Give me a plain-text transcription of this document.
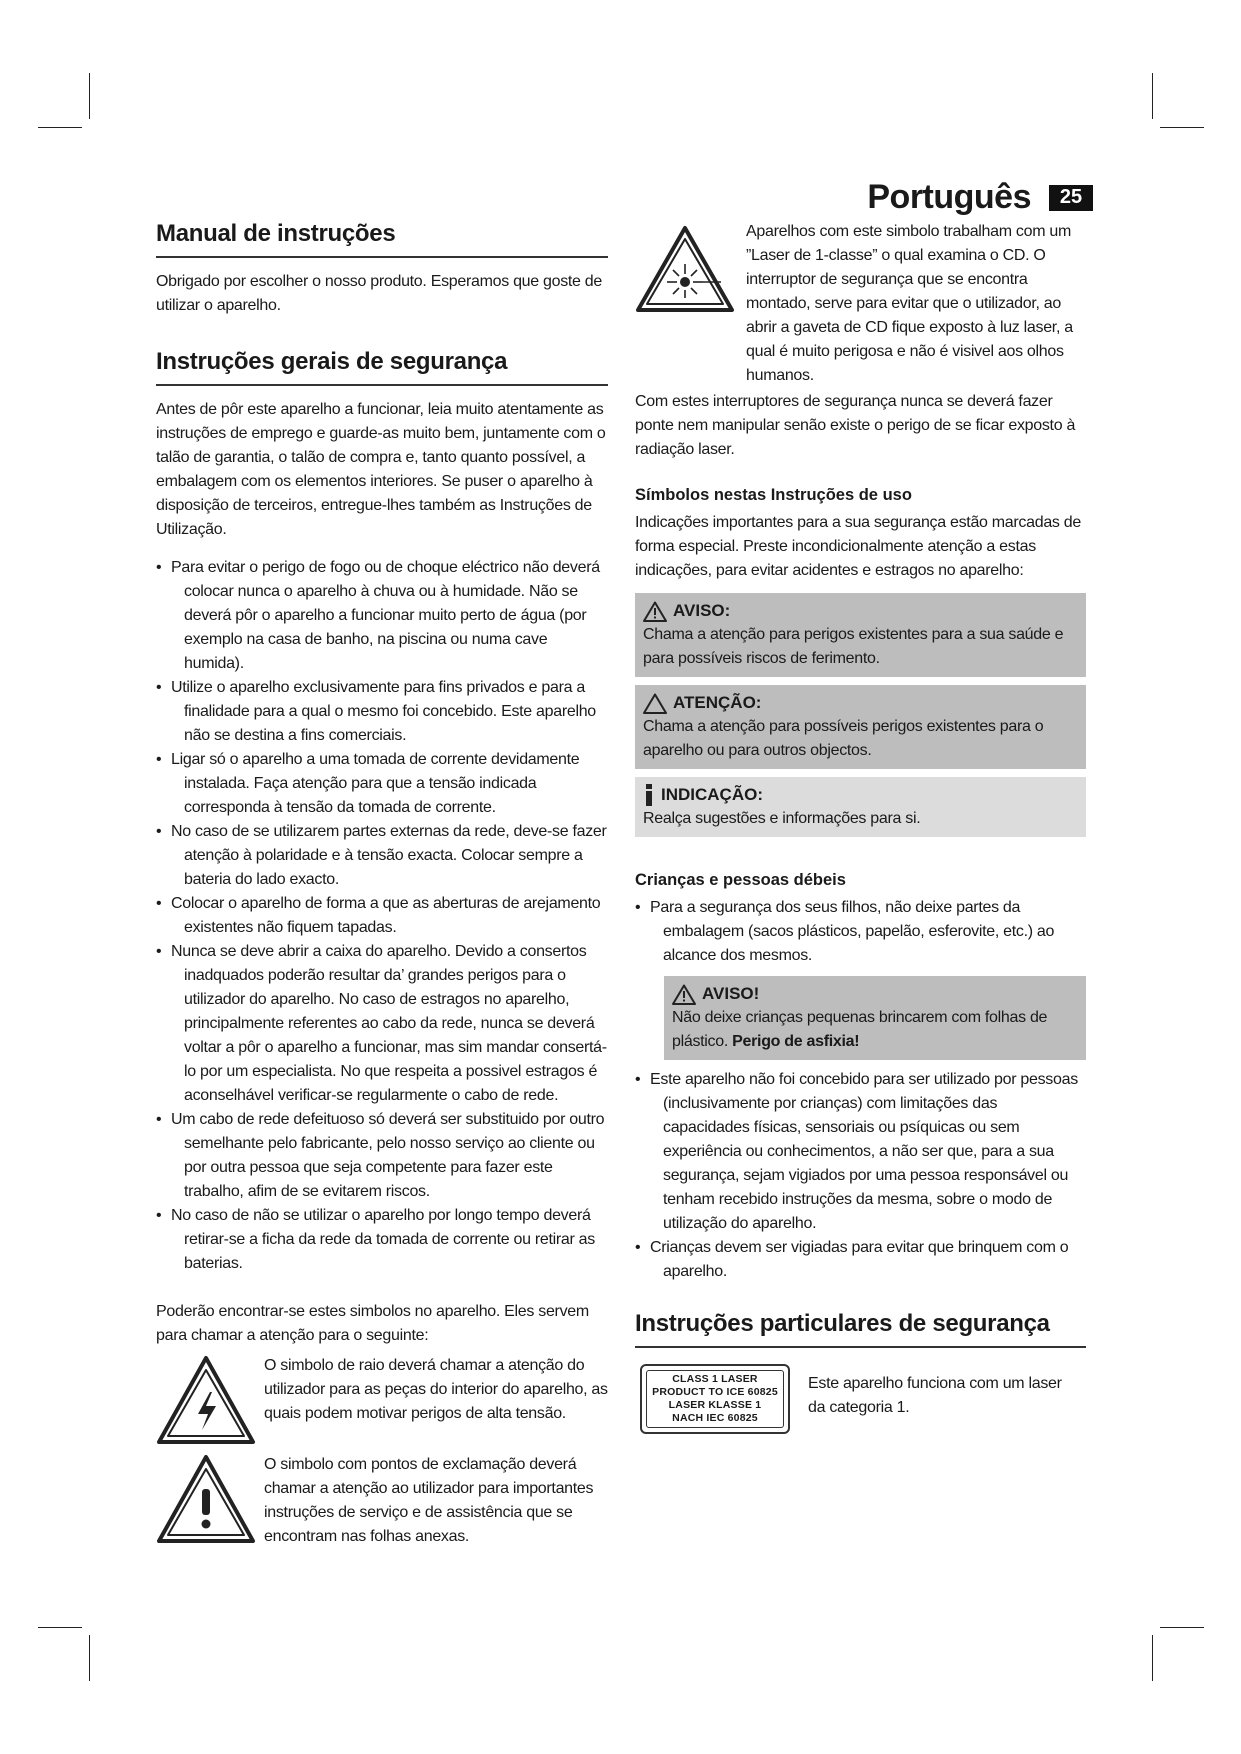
Português	25
Manual de instruções

Obrigado por escolher o nosso produto. Esperamos que goste de utilizar o aparelho.

Instruções gerais de segurança

Antes de pôr este aparelho a funcionar, leia muito atentamente as instruções de emprego e guarde-as muito bem, juntamente com o talão de garantia, o talão de compra e, tanto quanto possível, a embalagem com os elementos interiores. Se puser o aparelho à disposição de terceiros, entregue-lhes também as Instruções de Utilização.

• Para evitar o perigo de fogo ou de choque eléctrico não deverá colocar nunca o aparelho à chuva ou à humidade. Não se deverá pôr o aparelho a funcionar muito perto de água (por exemplo na casa de banho, na piscina ou numa cave humida).
• Utilize o aparelho exclusivamente para fins privados e para a finalidade para a qual o mesmo foi concebido. Este aparelho não se destina a fins comerciais.
• Ligar só o aparelho a uma tomada de corrente devidamente instalada. Faça atenção para que a tensão indicada corresponda à tensão da tomada de corrente.
• No caso de se utilizarem partes externas da rede, deve-se fazer atenção à polaridade e à tensão exacta. Colocar sempre a bateria do lado exacto.
• Colocar o aparelho de forma a que as aberturas de arejamento existentes não fiquem tapadas.
• Nunca se deve abrir a caixa do aparelho. Devido a consertos inadquados poderão resultar da’ grandes perigos para o utilizador do aparelho. No caso de estragos no aparelho, principalmente referentes ao cabo da rede, nunca se deverá voltar a pôr o aparelho a funcionar, mas sim mandar consertá-lo por um especialista. No que respeita a possivel estragos é aconselhável verificar-se regularmente o cabo de rede.
• Um cabo de rede defeituoso só deverá ser substituido por outro semelhante pelo fabricante, pelo nosso serviço ao cliente ou por outra pessoa que seja competente para fazer este trabalho, afim de se evitarem riscos.
• No caso de não se utilizar o aparelho por longo tempo deverá retirar-se a ficha da rede da tomada de corrente ou retirar as baterias.

Poderão encontrar-se estes simbolos no aparelho. Eles servem para chamar a atenção para o seguinte:

O simbolo de raio deverá chamar a atenção do utilizador para as peças do interior do aparelho, as quais podem motivar perigos de alta tensão.

O simbolo com pontos de exclamação deverá chamar a atenção ao utilizador para importantes instruções de serviço e de assistência que se encontram nas folhas anexas.

Aparelhos com este simbolo trabalham com um ”Laser de 1-classe” o qual examina o CD. O interruptor de segurança que se encontra montado, serve para evitar que o utilizador, ao abrir a gaveta de CD fique exposto à luz laser, a qual é muito perigosa e não é visivel aos olhos humanos.

Com estes interruptores de segurança nunca se deverá fazer ponte nem manipular senão existe o perigo de se ficar exposto à radiação laser.

Símbolos nestas Instruções de uso

Indicações importantes para a sua segurança estão marcadas de forma especial. Preste incondicionalmente atenção a estas indicações, para evitar acidentes e estragos no aparelho:

AVISO:
Chama a atenção para perigos existentes para a sua saúde e para possíveis riscos de ferimento.
ATENÇÃO:
Chama a atenção para possíveis perigos existentes para o aparelho ou para outros objectos.
INDICAÇÃO:
Realça sugestões e informações para si.
Crianças e pessoas débeis
• Para a segurança dos seus filhos, não deixe partes da embalagem (sacos plásticos, papelão, esferovite, etc.) ao alcance dos mesmos.
AVISO!
Não deixe crianças pequenas brincarem com folhas de plástico. Perigo de asfixia!
• Este aparelho não foi concebido para ser utilizado por pessoas (inclusivamente por crianças) com limitações das capacidades físicas, sensoriais ou psíquicas ou sem experiência ou conhecimentos, a não ser que, para a sua segurança, sejam vigiados por uma pessoa responsável ou tenham recebido instruções da mesma, sobre o modo de utilização do aparelho.
• Crianças devem ser vigiadas para evitar que brinquem com o aparelho.
Instruções particulares de segurança
CLASS 1 LASER
PRODUCT TO ICE 60825
LASER KLASSE 1
NACH IEC 60825

Este aparelho funciona com um laser da categoria 1.
